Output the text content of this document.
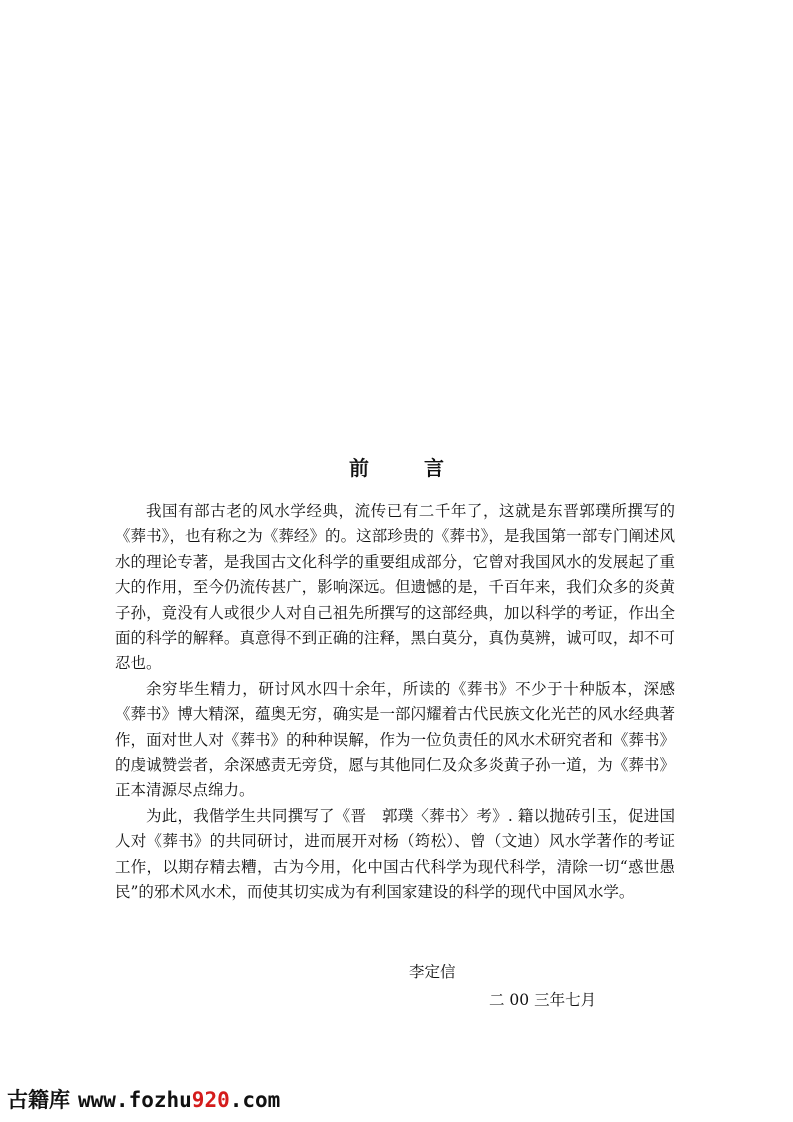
前 言

我国有部古老的风水学经典，流传已有二千年了，这就是东晋郭璞所撰写的《葬书》，也有称之为《葬经》的。这部珍贵的《葬书》，是我国第一部专门阐述风水的理论专著，是我国古文化科学的重要组成部分，它曾对我国风水的发展起了重大的作用，至今仍流传甚广，影响深远。但遗憾的是，千百年来，我们众多的炎黄子孙，竟没有人或很少人对自己祖先所撰写的这部经典，加以科学的考证，作出全面的科学的解释。真意得不到正确的注释，黑白莫分，真伪莫辨，诚可叹，却不可忍也。

余穷毕生精力，研讨风水四十余年，所读的《葬书》不少于十种版本，深感《葬书》博大精深，蕴奥无穷，确实是一部闪耀着古代民族文化光芒的风水经典著作，面对世人对《葬书》的种种误解，作为一位负责任的风水术研究者和《葬书》的虔诚赞尝者，余深感责无旁贷，愿与其他同仁及众多炎黄子孙一道，为《葬书》正本清源尽点绵力。

为此，我偕学生共同撰写了《晋　郭璞〈葬书〉考》. 籍以抛砖引玉，促进国人对《葬书》的共同研讨，进而展开对杨（筠松）、曾（文迪）风水学著作的考证工作，以期存精去糟，古为今用，化中国古代科学为现代科学，清除一切“惑世愚民”的邪术风水术，而使其切实成为有利国家建设的科学的现代中国风水学。

李定信
二 00 三年七月
古籍库 www.fozhu920.com
